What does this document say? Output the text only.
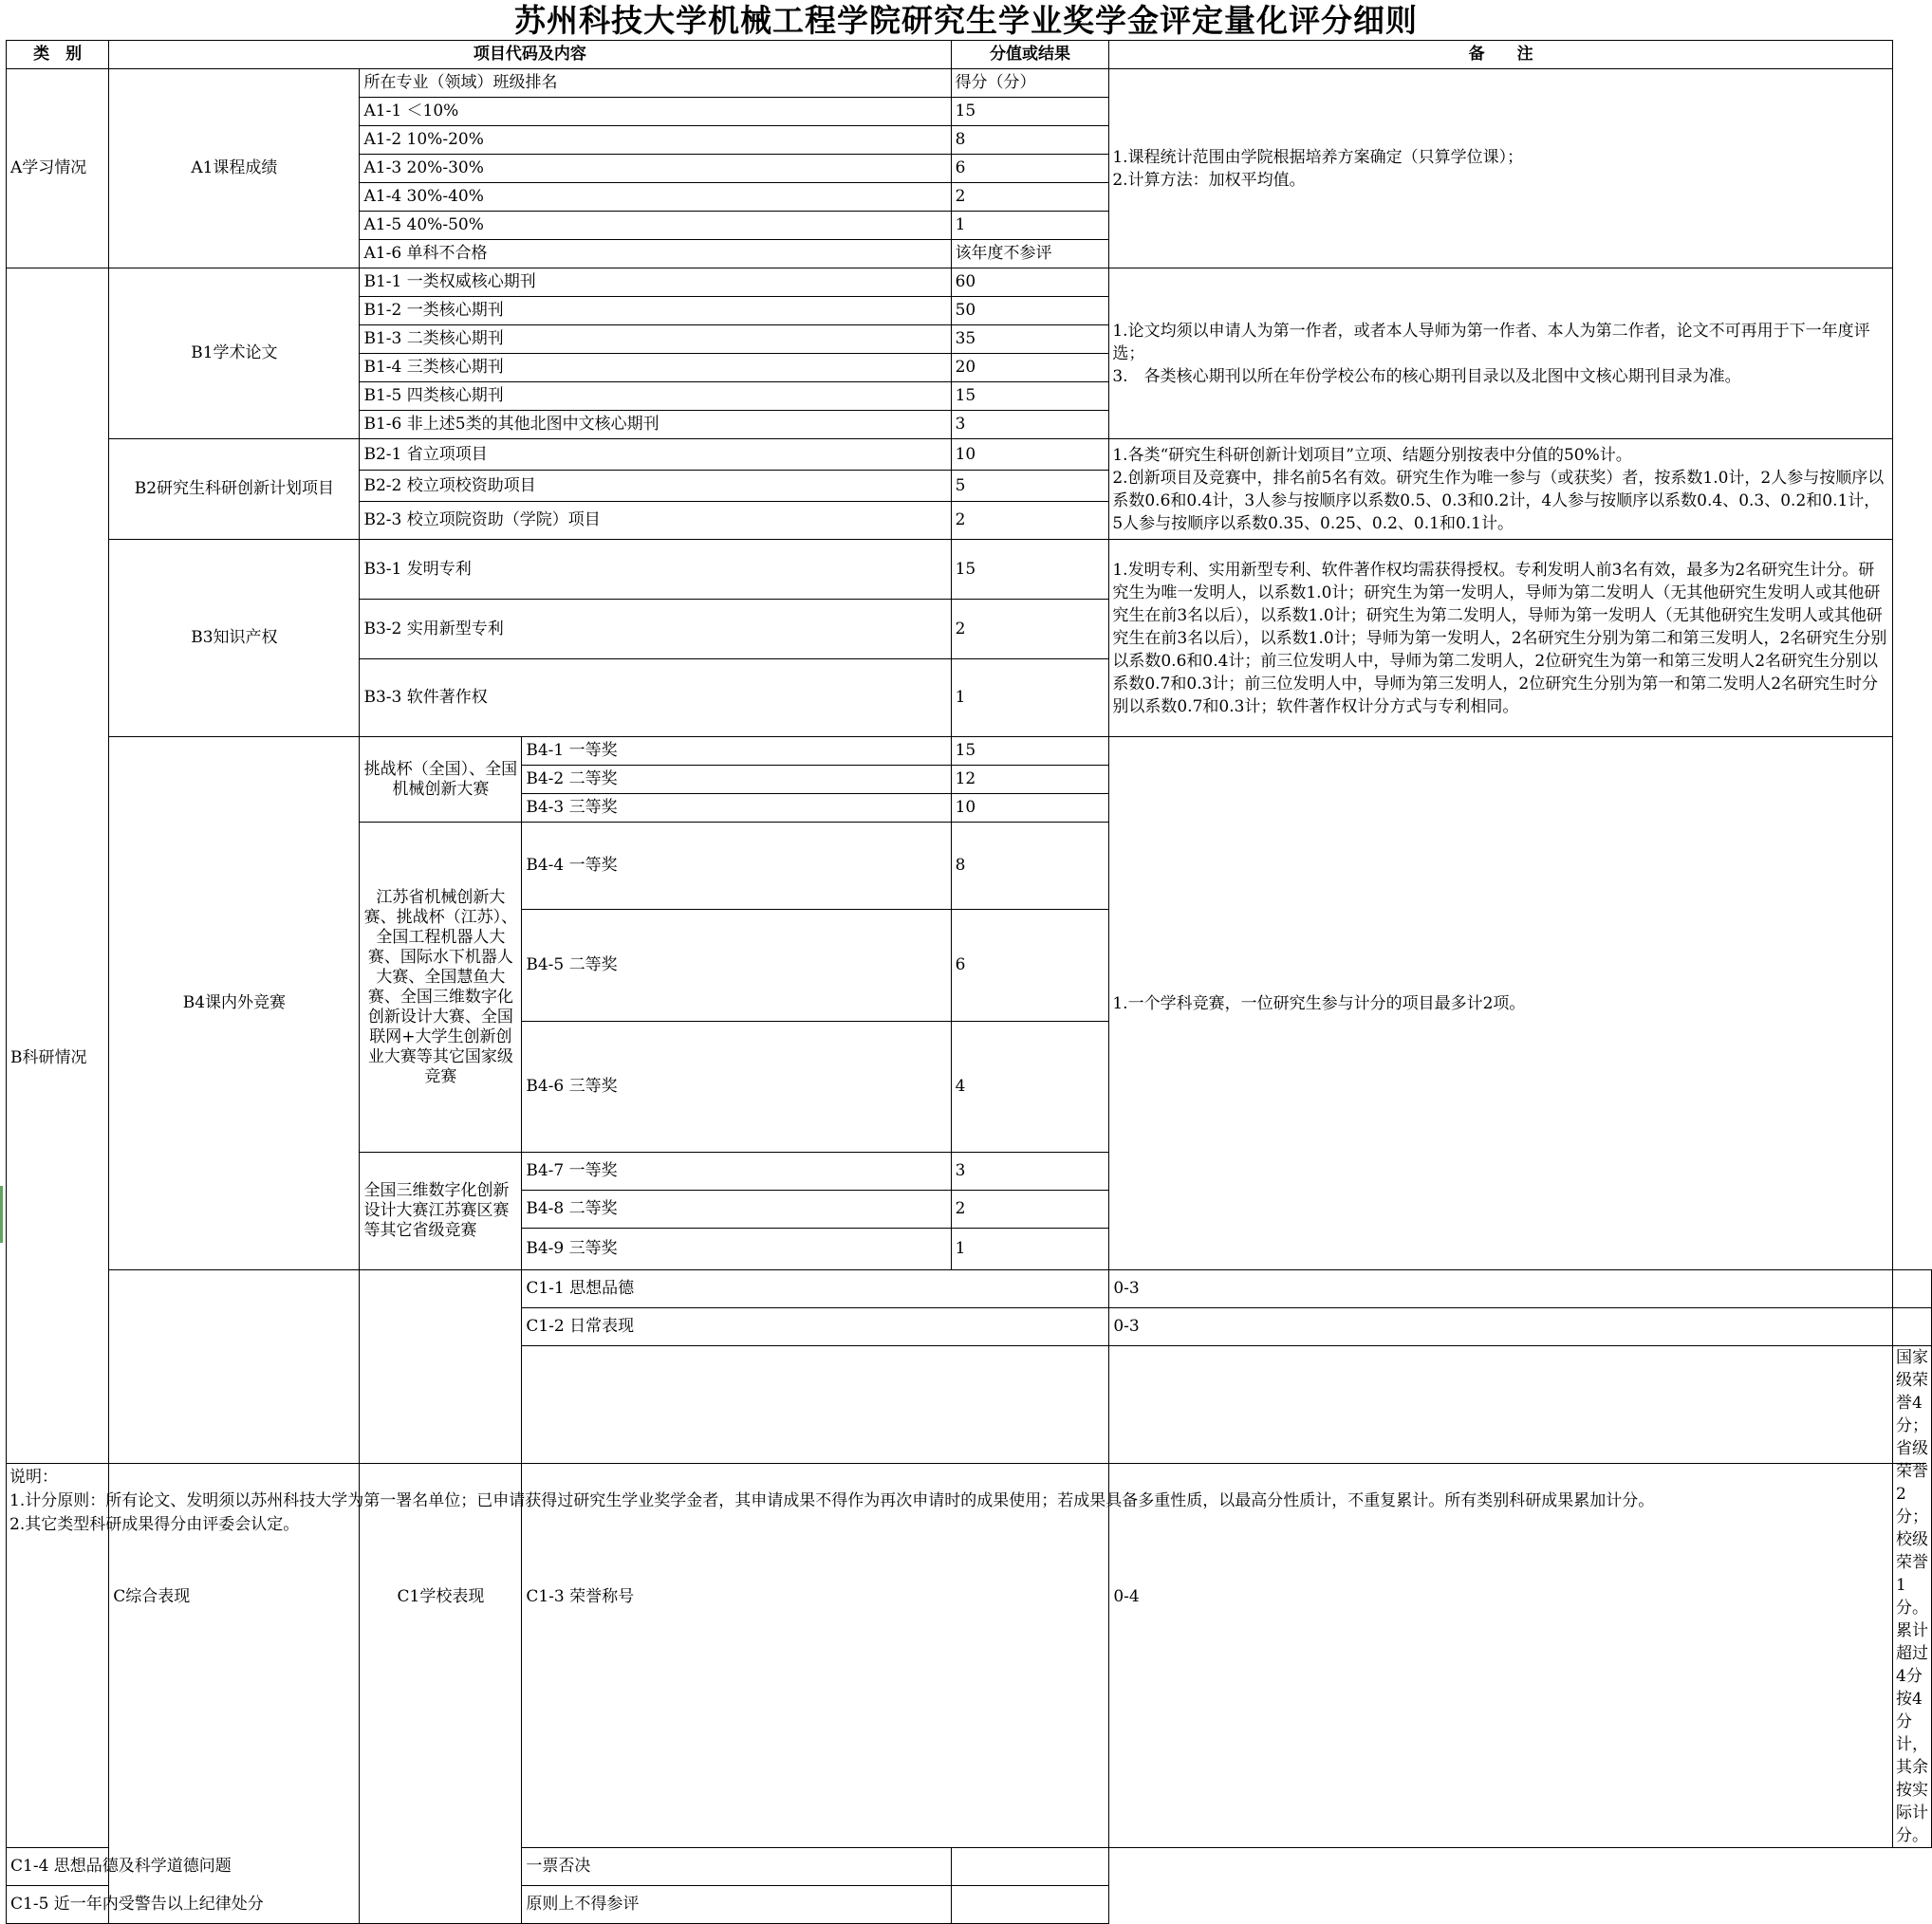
苏州科技大学机械工程学院研究生学业奖学金评定量化评分细则
类　别	项目代码及内容			分值或结果	备　　注	
A学习情况	A1课程成绩	所在专业（领域）班级排名		得分（分）	1.课程统计范围由学院根据培养方案确定（只算学位课）；
2.计算方法：加权平均值。	

		A1-1 ＜10%		15		
		A1-2 10%-20%		8		
		A1-3 20%-30%		6		
		A1-4 30%-40%		2		
		A1-5 40%-50%		1		
		A1-6 单科不合格		该年度不参评		
B科研情况	B1学术论文	B1-1 一类权威核心期刊		60	1.论文均须以申请人为第一作者，或者本人导师为第一作者、本人为第二作者，论文不可再用于下一年度评选；
3.　各类核心期刊以所在年份学校公布的核心期刊目录以及北图中文核心期刊目录为准。	

		B1-2 一类核心期刊		50		
		B1-3 二类核心期刊		35		
		B1-4 三类核心期刊		20		
		B1-5 四类核心期刊		15		
		B1-6 非上述5类的其他北图中文核心期刊		3		
	B2研究生科研创新计划项目	B2-1 省立项项目		10	1.各类“研究生科研创新计划项目”立项、结题分别按表中分值的50%计。
2.创新项目及竞赛中，排名前5名有效。研究生作为唯一参与（或获奖）者，按系数1.0计，2人参与按顺序以系数0.6和0.4计，3人参与按顺序以系数0.5、0.3和0.2计，4人参与按顺序以系数0.4、0.3、0.2和0.1计，5人参与按顺序以系数0.35、0.25、0.2、0.1和0.1计。	

		B2-2 校立项校资助项目		5		
		B2-3 校立项院资助（学院）项目		2		
	B3知识产权	B3-1 发明专利		15	1.发明专利、实用新型专利、软件著作权均需获得授权。专利发明人前3名有效，最多为2名研究生计分。研究生为唯一发明人，以系数1.0计；研究生为第一发明人，导师为第二发明人（无其他研究生发明人或其他研究生在前3名以后），以系数1.0计；研究生为第二发明人，导师为第一发明人（无其他研究生发明人或其他研究生在前3名以后），以系数1.0计；导师为第一发明人，2名研究生分别为第二和第三发明人，2名研究生分别以系数0.6和0.4计；前三位发明人中，导师为第二发明人，2位研究生为第一和第三发明人2名研究生分别以系数0.7和0.3计；前三位发明人中，导师为第三发明人，2位研究生分别为第一和第二发明人2名研究生时分别以系数0.7和0.3计；软件著作权计分方式与专利相同。	

		B3-2 实用新型专利		2		
		B3-3 软件著作权		1		
	B4课内外竞赛	挑战杯（全国）、全国机械创新大赛	B4-1 一等奖	15	1.一个学科竞赛，一位研究生参与计分的项目最多计2项。	

			B4-2 二等奖	12		
			B4-3 三等奖	10		
		江苏省机械创新大赛、挑战杯（江苏）、全国工程机器人大赛、国际水下机器人大赛、全国慧鱼大赛、全国三维数字化创新设计大赛、全国联网+大学生创新创业大赛等其它国家级竞赛	B4-4 一等奖	8		
			B4-5 二等奖	6		
			B4-6 三等奖	4		
		全国三维数字化创新设计大赛江苏赛区赛等其它省级竞赛	B4-7 一等奖	3		
			B4-8 二等奖	2		
			B4-9 三等奖	1		
	C综合表现	C1学校表现	C1-1 思想品德		0-3	
			C1-2 日常表现		0-3	
			C1-3 荣誉称号		0-4	国家级荣誉4分；省级荣誉2分；校级荣誉1分。累计超过4分按4分计，其余按实际计分。
C1-4 思想品德及科学道德问题			一票否决			
C1-5 近一年内受警告以上纪律处分			原则上不得参评			
说明：
1.计分原则：所有论文、发明须以苏州科技大学为第一署名单位；已申请获得过研究生学业奖学金者，其申请成果不得作为再次申请时的成果使用；若成果具备多重性质，以最高分性质计，不重复累计。所有类别科研成果累加计分。
2.其它类型科研成果得分由评委会认定。
